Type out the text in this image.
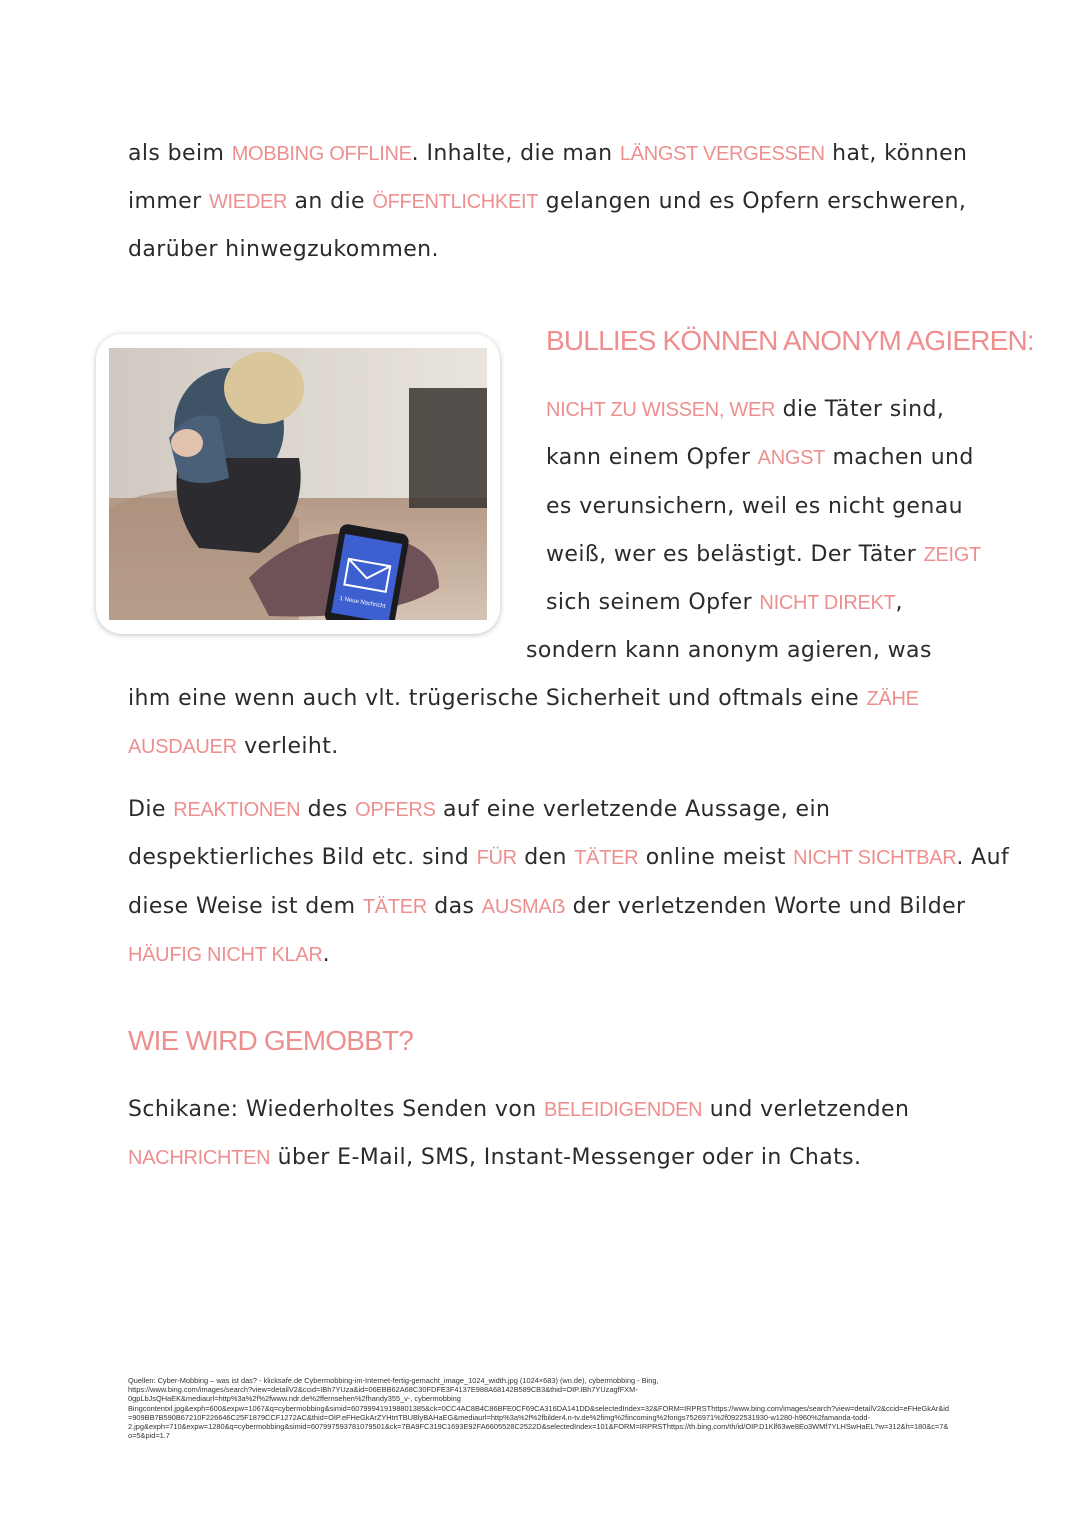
als beim MOBBING OFFLINE. Inhalte, die man LÄNGST VERGESSEN hat, können
immer WIEDER an die ÖFFENTLICHKEIT gelangen und es Opfern erschweren,
darüber hinwegzukommen.
1 Neue Nachricht
BULLIES KÖNNEN ANONYM AGIEREN:
NICHT ZU WISSEN, WER die Täter sind,
kann einem Opfer ANGST machen und
es verunsichern, weil es nicht genau
weiß, wer es belästigt. Der Täter ZEIGT
sich seinem Opfer NICHT DIREKT,
sondern kann anonym agieren, was
ihm eine wenn auch vlt. trügerische Sicherheit und oftmals eine ZÄHE
AUSDAUER verleiht.
Die REAKTIONEN des OPFERS auf eine verletzende Aussage, ein
despektierliches Bild etc. sind FÜR den TÄTER online meist NICHT SICHTBAR. Auf
diese Weise ist dem TÄTER das AUSMAẞ der verletzenden Worte und Bilder
HÄUFIG NICHT KLAR.
WIE WIRD GEMOBBT?
Schikane: Wiederholtes Senden von BELEIDIGENDEN und verletzenden
NACHRICHTEN über E-Mail, SMS, Instant-Messenger oder in Chats.

Quellen: Cyber-Mobbing – was ist das? - klicksafe.de Cybermobbing-im-Internet-fertig-gemacht_image_1024_width.jpg (1024×683) (wn.de), cybermobbing - Bing,

https://www.bing.com/images/search?view=detailV2&ccid=IBh7YUza&id=06EBB62A68C30FDFE3F4137E988A68142B589CB3&thid=OIP.IBh7YUzagfFXM-

0gpLbJsQHaEK&mediaurl=http%3a%2f%2fwww.ndr.de%2ffernsehen%2fhandy355_v-, cybermobbing

Bingcontentxl.jpg&exph=600&expw=1067&q=cybermobbing&simid=607999419198801385&ck=0CC4AC8B4C86BFE0CF69CA316DA141DD&selectedIndex=32&FORM=IRPRSThttps://www.bing.com/images/search?view=detailV2&ccid=eFHeGkAr&id=909BB7B590B67210F226646C25F1879CCF1272AC&thid=OIP.eFHeGkArZYHtrtTBUBlyBAHaEG&mediaurl=http%3a%2f%2fbilder4.n-tv.de%2fimg%2fincoming%2forigs7526971%2f0922531930-w1280-h960%2famanda-todd-

2.jpg&exph=710&expw=1280&q=cybermobbing&simid=607997593781079501&ck=7BA9FC319C1693E92FA6605528C2522D&selectedIndex=101&FORM=IRPRSThttps://th.bing.com/th/id/OIP.D1Klf63we8Eo3WMf7YLHSwHaEL?w=312&h=180&c=7&o=5&pid=1.7
